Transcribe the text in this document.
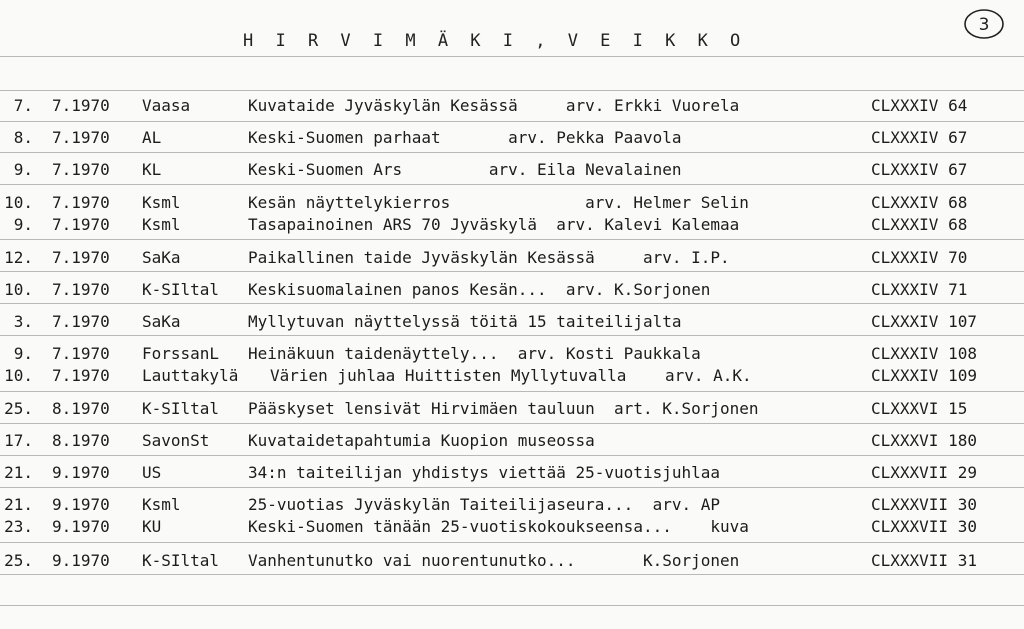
H I R V I M Ä K I , V E I K K O
3
7. 7.1970 Vaasa	Kuvataide Jyväskylän Kesässä     arv. Erkki Vuorela	CLXXXIV 64
8. 7.1970 AL	Keski-Suomen parhaat       arv. Pekka Paavola	CLXXXIV 67
9. 7.1970 KL	Keski-Suomen Ars         arv. Eila Nevalainen	CLXXXIV 67
10. 7.1970 Ksml	Kesän näyttelykierros              arv. Helmer Selin	CLXXXIV 68
9. 7.1970 Ksml	Tasapainoinen ARS 70 Jyväskylä  arv. Kalevi Kalemaa	CLXXXIV 68
12. 7.1970 SaKa	Paikallinen taide Jyväskylän Kesässä     arv. I.P.	CLXXXIV 70
10. 7.1970 K-SIltal Keskisuomalainen panos Kesän...  arv. K.Sorjonen	CLXXXIV 71
3. 7.1970 SaKa	Myllytuvan näyttelyssä töitä 15 taiteilijalta	CLXXXIV 107
9. 7.1970 ForssanL Heinäkuun taidenäyttely...  arv. Kosti Paukkala	CLXXXIV 108
10. 7.1970 Lauttakylä Värien juhlaa Huittisten Myllytuvalla    arv. A.K.	CLXXXIV 109
25. 8.1970 K-SIltal Pääskyset lensivät Hirvimäen tauluun  art. K.Sorjonen	CLXXXVI 15
17. 8.1970 SavonSt Kuvataidetapahtumia Kuopion museossa	CLXXXVI 180
21. 9.1970 US	34:n taiteilijan yhdistys viettää 25-vuotisjuhlaa	CLXXXVII 29
21. 9.1970 Ksml	25-vuotias Jyväskylän Taiteilijaseura...  arv. AP	CLXXXVII 30
23. 9.1970 KU	Keski-Suomen tänään 25-vuotiskokoukseensa...    kuva	CLXXXVII 30
25. 9.1970 K-SIltal Vanhentunutko vai nuorentunutko...       K.Sorjonen	CLXXXVII 31
